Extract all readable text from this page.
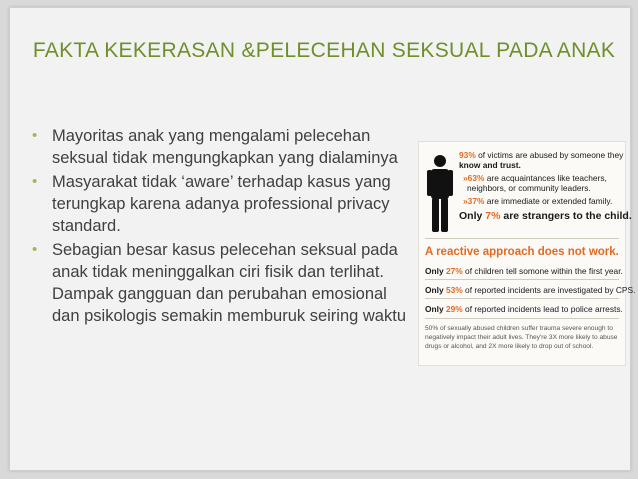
FAKTA KEKERASAN &PELECEHAN SEKSUAL PADA ANAK
• Mayoritas anak yang mengalami pelecehan seksual tidak mengungkapkan yang dialaminya
• Masyarakat tidak ‘aware’ terhadap kasus yang terungkap karena adanya professional privacy standard.
• Sebagian besar kasus pelecehan seksual pada anak tidak meninggalkan ciri fisik dan terlihat. Dampak gangguan dan perubahan emosional dan psikologis semakin memburuk seiring waktu
93% of victims are abused by someone they
know and trust.
»63% are acquaintances like teachers,
neighbors, or community leaders.
»37% are immediate or extended family.
Only 7% are strangers to the child.
A reactive approach does not work.
Only 27% of children tell somone within the first year.
Only 53% of reported incidents are investigated by CPS.
Only 29% of reported incidents lead to police arrests.
50% of sexually abused children suffer trauma severe enough to
negatively impact their adult lives. They're 3X more likely to abuse
drugs or alcohol, and 2X more likely to drop out of school.
